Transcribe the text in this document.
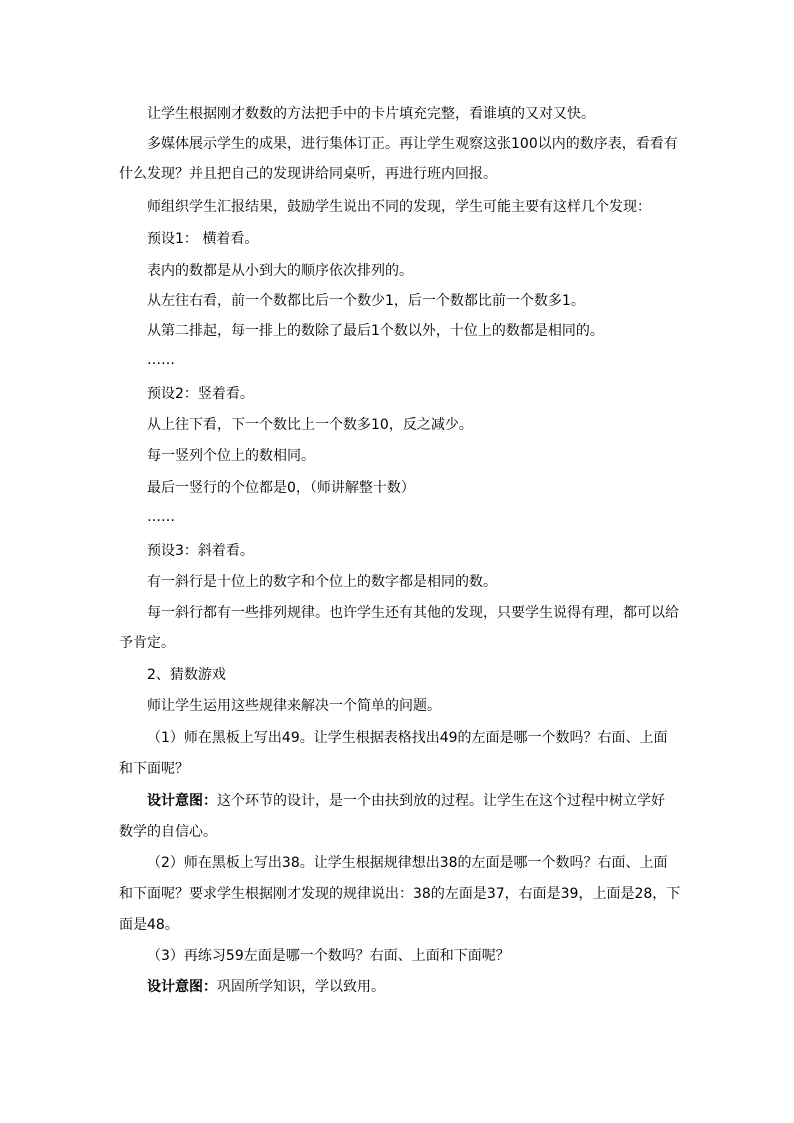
让学生根据刚才数数的方法把手中的卡片填充完整，看谁填的又对又快。
多媒体展示学生的成果，进行集体订正。再让学生观察这张100以内的数序表，看看有
什么发现？并且把自己的发现讲给同桌听，再进行班内回报。
师组织学生汇报结果，鼓励学生说出不同的发现，学生可能主要有这样几个发现：
预设1： 横着看。
表内的数都是从小到大的顺序依次排列的。
从左往右看，前一个数都比后一个数少1，后一个数都比前一个数多1。
从第二排起，每一排上的数除了最后1个数以外，十位上的数都是相同的。
……
预设2：竖着看。
从上往下看，下一个数比上一个数多10，反之减少。
每一竖列个位上的数相同。
最后一竖行的个位都是0，（师讲解整十数）
……
预设3：斜着看。
有一斜行是十位上的数字和个位上的数字都是相同的数。
每一斜行都有一些排列规律。也许学生还有其他的发现，只要学生说得有理，都可以给
予肯定。
2、猜数游戏
师让学生运用这些规律来解决一个简单的问题。
（1）师在黑板上写出49。让学生根据表格找出49的左面是哪一个数吗？右面、上面
和下面呢？
设计意图：这个环节的设计，是一个由扶到放的过程。让学生在这个过程中树立学好
数学的自信心。
（2）师在黑板上写出38。让学生根据规律想出38的左面是哪一个数吗？右面、上面
和下面呢？要求学生根据刚才发现的规律说出：38的左面是37，右面是39，上面是28，下
面是48。
（3）再练习59左面是哪一个数吗？右面、上面和下面呢？
设计意图：巩固所学知识，学以致用。
